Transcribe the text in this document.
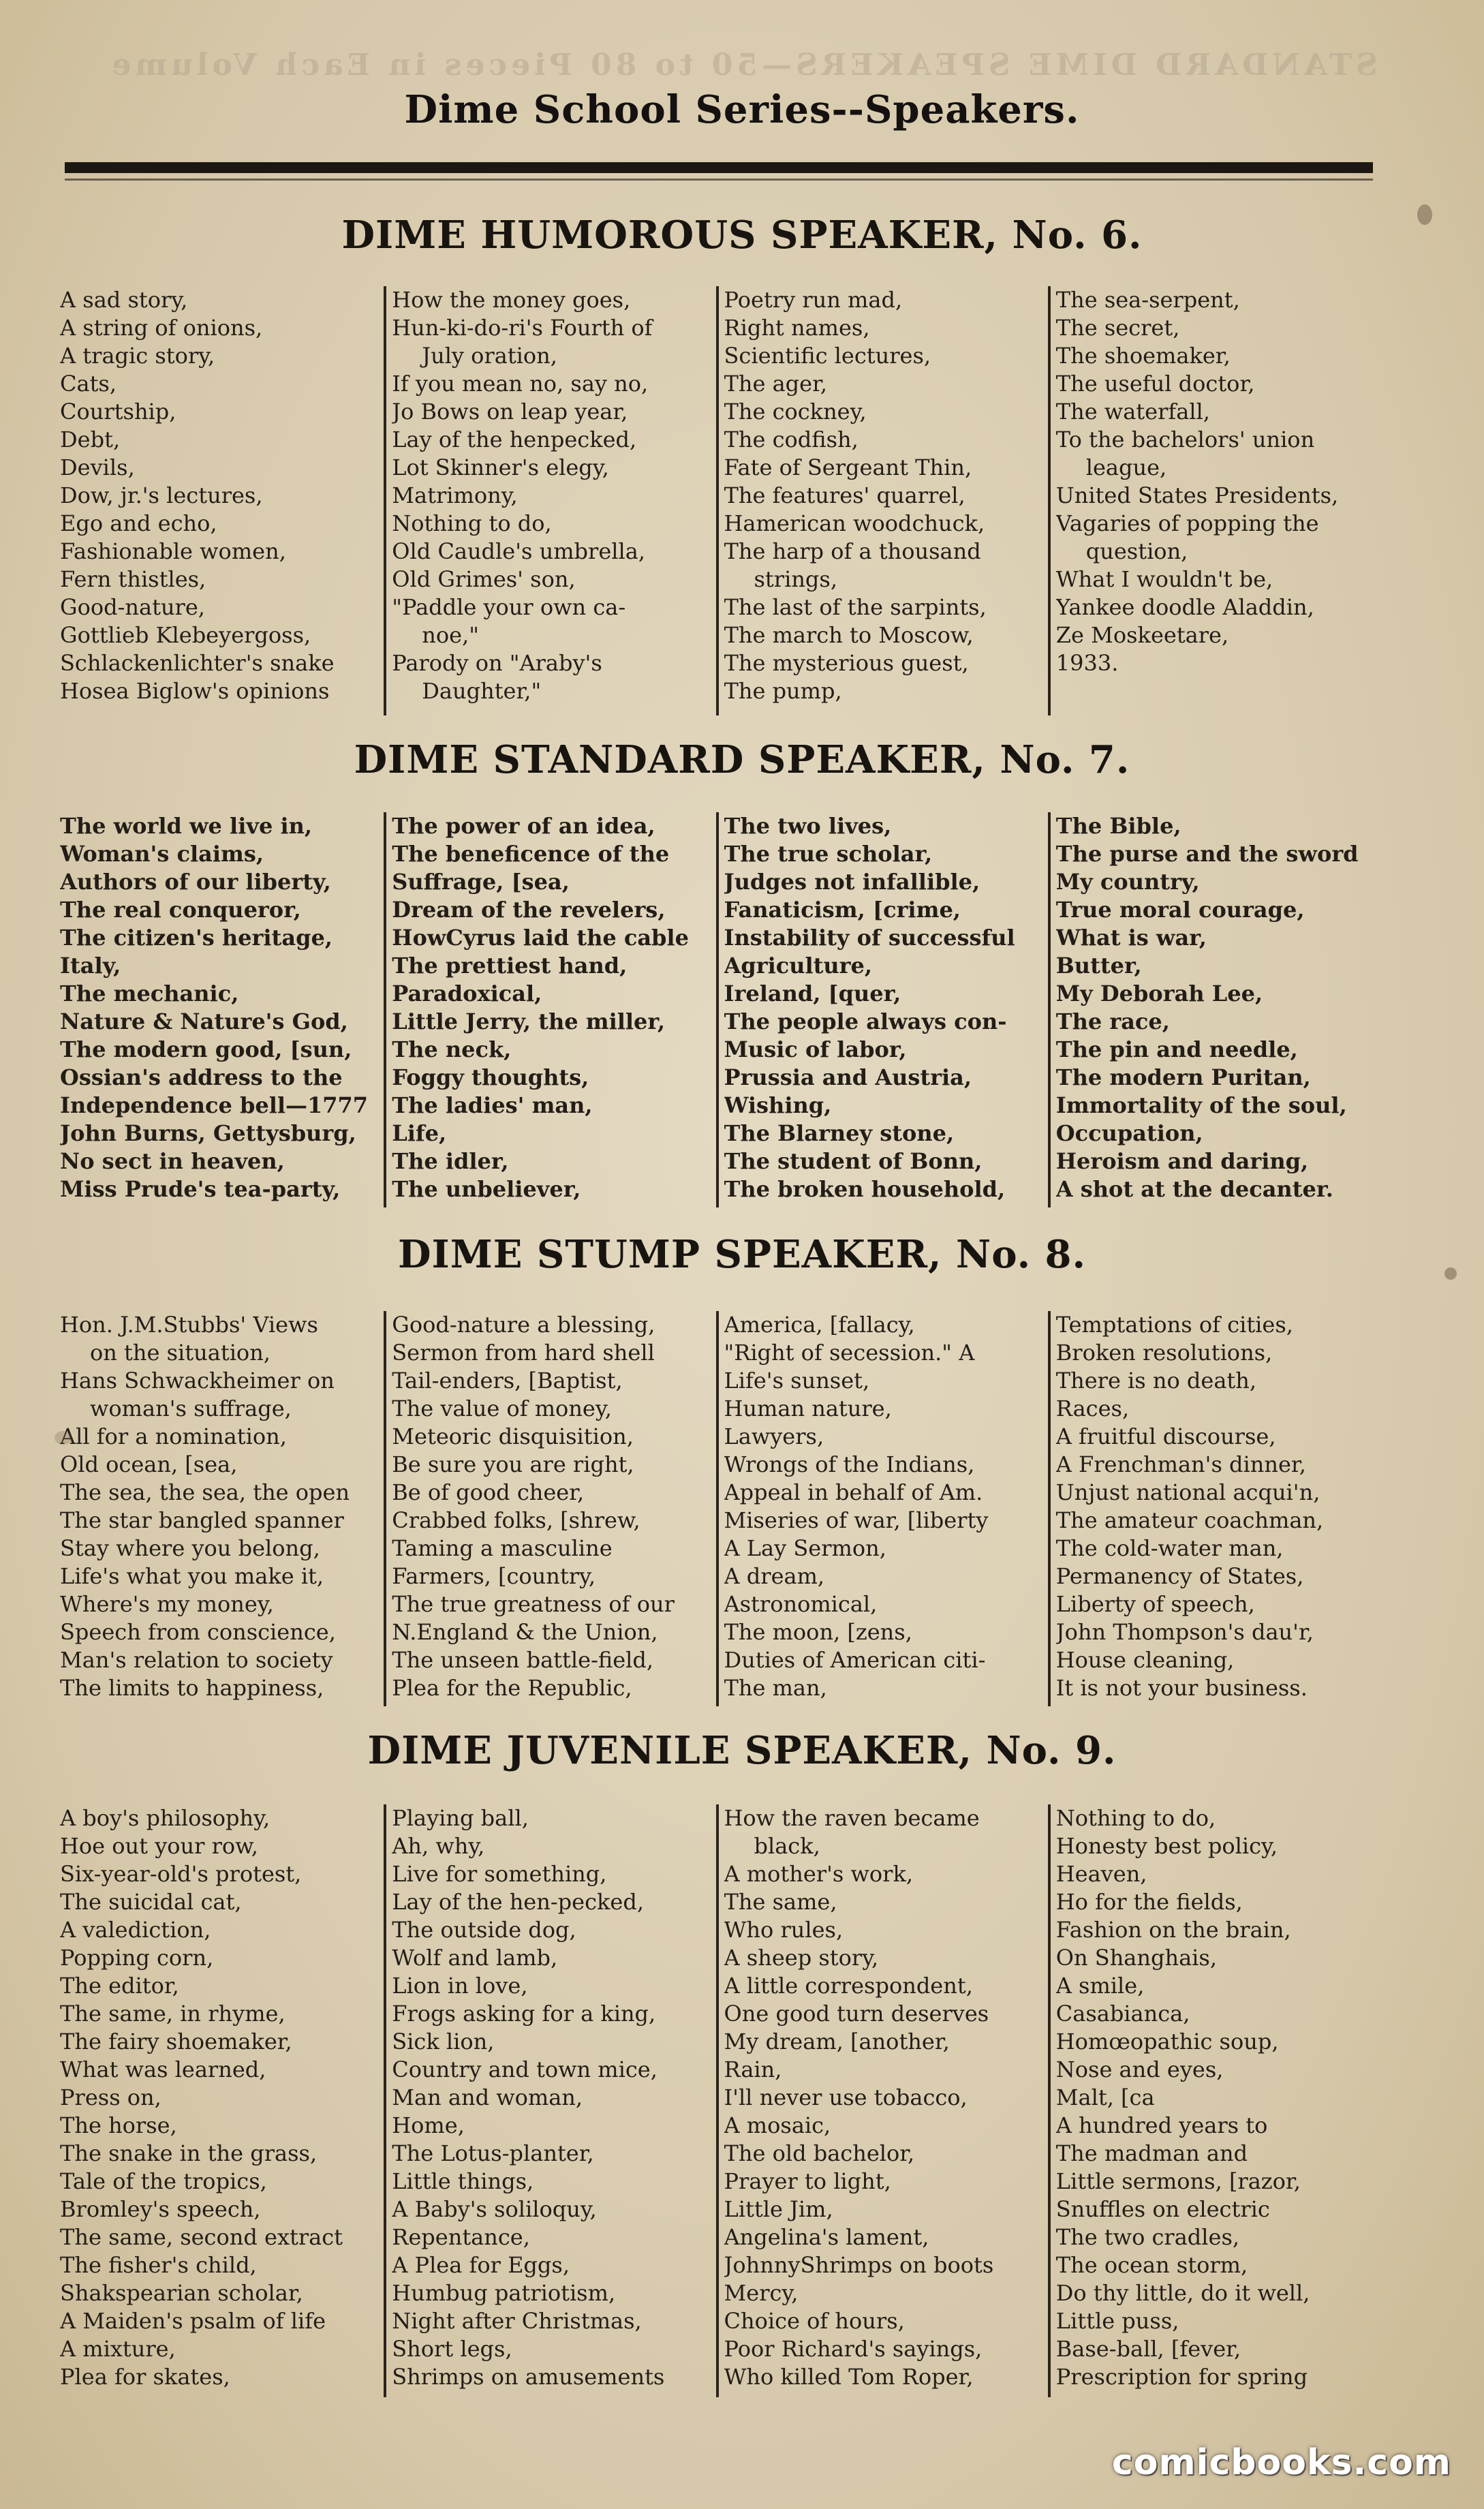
STANDARD DIME SPEAKERS—50 to 80 Pieces in Each Volume
Dime School Series--Speakers.
DIME HUMOROUS SPEAKER, No. 6.
A sad story,
A string of onions,
A tragic story,
Cats,
Courtship,
Debt,
Devils,
Dow, jr.'s lectures,
Ego and echo,
Fashionable women,
Fern thistles,
Good-nature,
Gottlieb Klebeyergoss,
Schlackenlichter's snake
Hosea Biglow's opinions
How the money goes,
Hun-ki-do-ri's Fourth of
July oration,
If you mean no, say no,
Jo Bows on leap year,
Lay of the henpecked,
Lot Skinner's elegy,
Matrimony,
Nothing to do,
Old Caudle's umbrella,
Old Grimes' son,
"Paddle your own ca-
noe,"
Parody on "Araby's
Daughter,"
Poetry run mad,
Right names,
Scientific lectures,
The ager,
The cockney,
The codfish,
Fate of Sergeant Thin,
The features' quarrel,
Hamerican woodchuck,
The harp of a thousand
strings,
The last of the sarpints,
The march to Moscow,
The mysterious guest,
The pump,
The sea-serpent,
The secret,
The shoemaker,
The useful doctor,
The waterfall,
To the bachelors' union
league,
United States Presidents,
Vagaries of popping the
question,
What I wouldn't be,
Yankee doodle Aladdin,
Ze Moskeetare,
1933.
DIME STANDARD SPEAKER, No. 7.
The world we live in,
Woman's claims,
Authors of our liberty,
The real conqueror,
The citizen's heritage,
Italy,
The mechanic,
Nature & Nature's God,
The modern good, [sun,
Ossian's address to the
Independence bell—1777
John Burns, Gettysburg,
No sect in heaven,
Miss Prude's tea-party,
The power of an idea,
The beneficence of the
Suffrage, [sea,
Dream of the revelers,
HowCyrus laid the cable
The prettiest hand,
Paradoxical,
Little Jerry, the miller,
The neck,
Foggy thoughts,
The ladies' man,
Life,
The idler,
The unbeliever,
The two lives,
The true scholar,
Judges not infallible,
Fanaticism, [crime,
Instability of successful
Agriculture,
Ireland, [quer,
The people always con-
Music of labor,
Prussia and Austria,
Wishing,
The Blarney stone,
The student of Bonn,
The broken household,
The Bible,
The purse and the sword
My country,
True moral courage,
What is war,
Butter,
My Deborah Lee,
The race,
The pin and needle,
The modern Puritan,
Immortality of the soul,
Occupation,
Heroism and daring,
A shot at the decanter.
DIME STUMP SPEAKER, No. 8.
Hon. J.M.Stubbs' Views
on the situation,
Hans Schwackheimer on
woman's suffrage,
All for a nomination,
Old ocean, [sea,
The sea, the sea, the open
The star bangled spanner
Stay where you belong,
Life's what you make it,
Where's my money,
Speech from conscience,
Man's relation to society
The limits to happiness,
Good-nature a blessing,
Sermon from hard shell
Tail-enders, [Baptist,
The value of money,
Meteoric disquisition,
Be sure you are right,
Be of good cheer,
Crabbed folks, [shrew,
Taming a masculine
Farmers, [country,
The true greatness of our
N.England & the Union,
The unseen battle-field,
Plea for the Republic,
America, [fallacy,
"Right of secession." A
Life's sunset,
Human nature,
Lawyers,
Wrongs of the Indians,
Appeal in behalf of Am.
Miseries of war, [liberty
A Lay Sermon,
A dream,
Astronomical,
The moon, [zens,
Duties of American citi-
The man,
Temptations of cities,
Broken resolutions,
There is no death,
Races,
A fruitful discourse,
A Frenchman's dinner,
Unjust national acqui'n,
The amateur coachman,
The cold-water man,
Permanency of States,
Liberty of speech,
John Thompson's dau'r,
House cleaning,
It is not your business.
DIME JUVENILE SPEAKER, No. 9.
A boy's philosophy,
Hoe out your row,
Six-year-old's protest,
The suicidal cat,
A valediction,
Popping corn,
The editor,
The same, in rhyme,
The fairy shoemaker,
What was learned,
Press on,
The horse,
The snake in the grass,
Tale of the tropics,
Bromley's speech,
The same, second extract
The fisher's child,
Shakspearian scholar,
A Maiden's psalm of life
A mixture,
Plea for skates,
Playing ball,
Ah, why,
Live for something,
Lay of the hen-pecked,
The outside dog,
Wolf and lamb,
Lion in love,
Frogs asking for a king,
Sick lion,
Country and town mice,
Man and woman,
Home,
The Lotus-planter,
Little things,
A Baby's soliloquy,
Repentance,
A Plea for Eggs,
Humbug patriotism,
Night after Christmas,
Short legs,
Shrimps on amusements
How the raven became
black,
A mother's work,
The same,
Who rules,
A sheep story,
A little correspondent,
One good turn deserves
My dream, [another,
Rain,
I'll never use tobacco,
A mosaic,
The old bachelor,
Prayer to light,
Little Jim,
Angelina's lament,
JohnnyShrimps on boots
Mercy,
Choice of hours,
Poor Richard's sayings,
Who killed Tom Roper,
Nothing to do,
Honesty best policy,
Heaven,
Ho for the fields,
Fashion on the brain,
On Shanghais,
A smile,
Casabianca,
Homœopathic soup,
Nose and eyes,
Malt, [ca
A hundred years to
The madman and
Little sermons, [razor,
Snuffles on electric
The two cradles,
The ocean storm,
Do thy little, do it well,
Little puss,
Base-ball, [fever,
Prescription for spring
comicbooks.com
